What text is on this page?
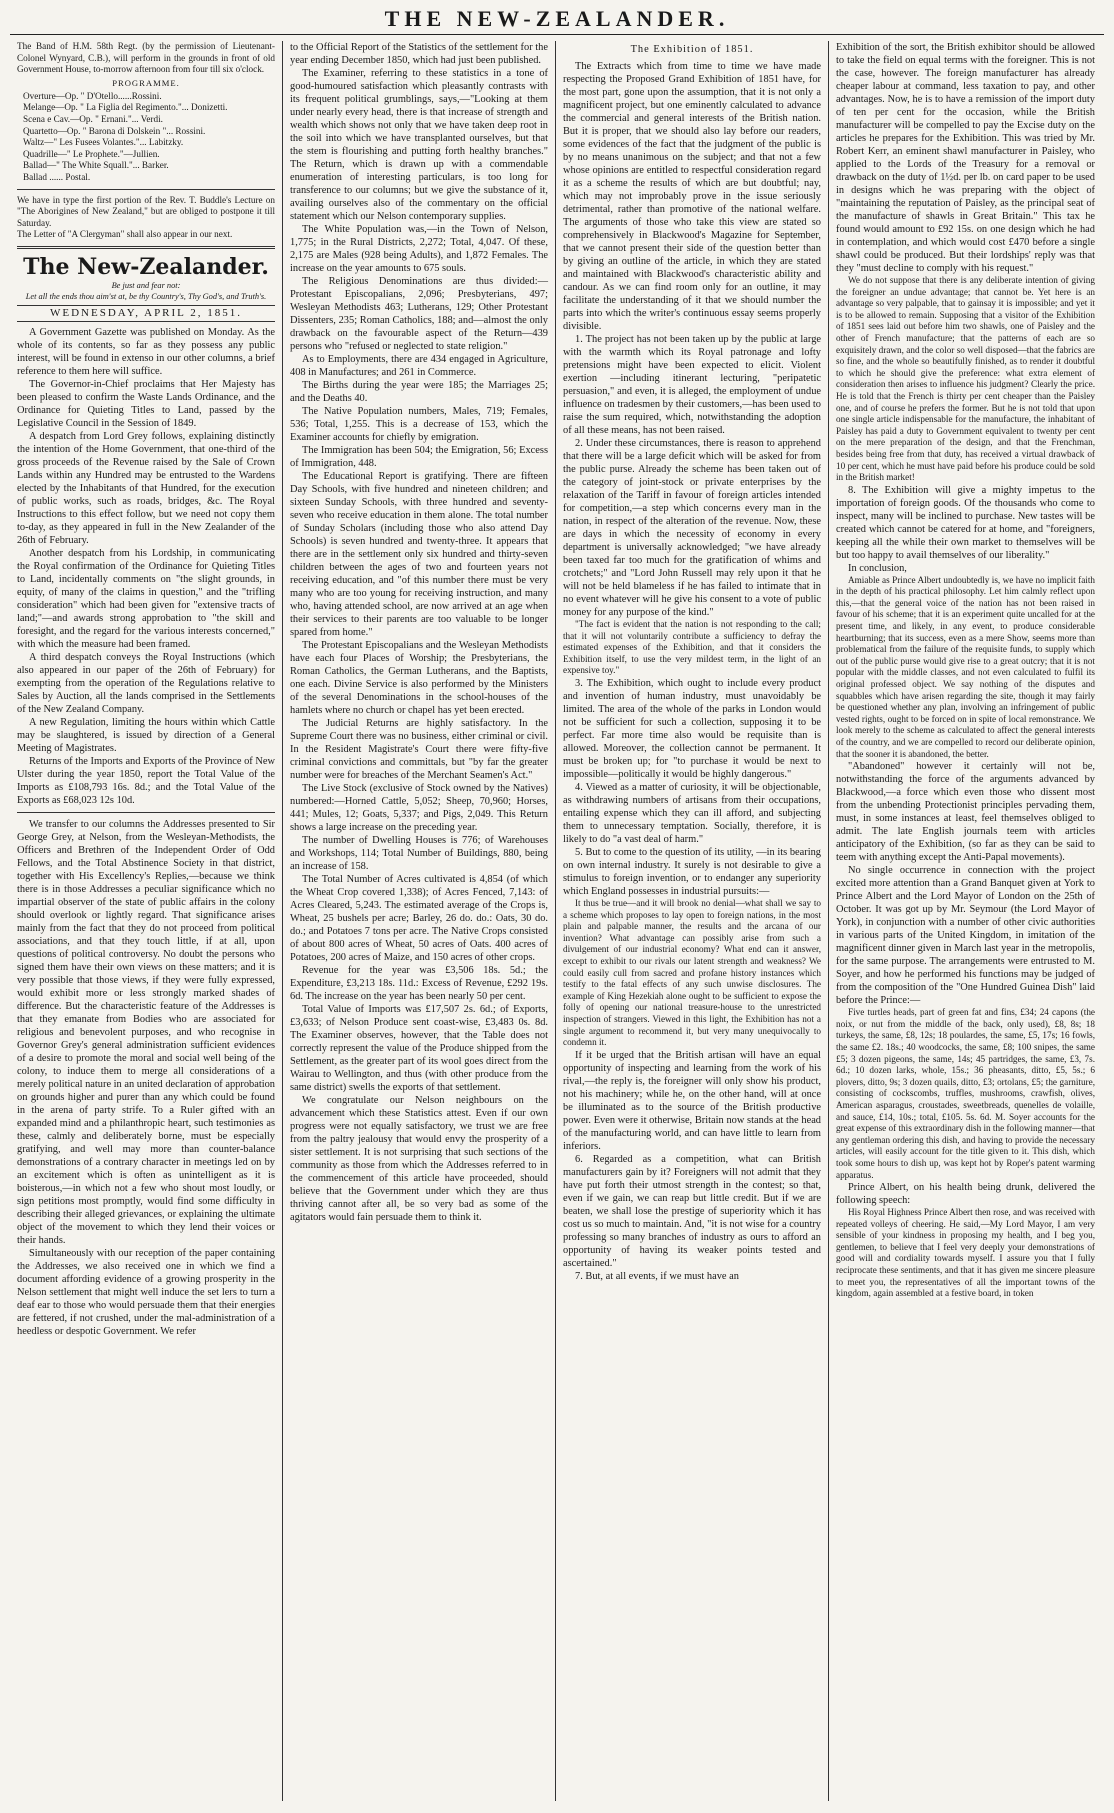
THE NEW-ZEALANDER.

The Band of H.M. 58th Regt. (by the permission of Lieutenant-Colonel Wynyard, C.B.), will perform in the grounds in front of old Government House, to-morrow afternoon from four till six o'clock.

PROGRAMME.
Overture—Op. " D'Otello......Rossini.
Melange—Op. " La Figlia del Regimento."... Donizetti.
Scena e Cav.—Op. " Ernani."... Verdi.
Quartetto—Op. " Barona di Dolskein "... Rossini.
Waltz—" Les Fusees Volantes."... Labitzky.
Quadrille—" Le Prophete."—Jullien.
Ballad—" The White Squall."... Barker.
Ballad ...... Postal.

We have in type the first portion of the Rev. T. Buddle's Lecture on "The Aborigines of New Zealand," but are obliged to postpone it till Saturday.

The Letter of "A Clergyman" shall also appear in our next.

The New-Zealander.
Be just and fear not:
Let all the ends thou aim'st at, be thy Country's, Thy God's, and Truth's.
WEDNESDAY, APRIL 2, 1851.

A Government Gazette was published on Monday. As the whole of its contents, so far as they possess any public interest, will be found in extenso in our other columns, a brief reference to them here will suffice.

The Governor-in-Chief proclaims that Her Majesty has been pleased to confirm the Waste Lands Ordinance, and the Ordinance for Quieting Titles to Land, passed by the Legislative Council in the Session of 1849.

A despatch from Lord Grey follows, explaining distinctly the intention of the Home Government, that one-third of the gross proceeds of the Revenue raised by the Sale of Crown Lands within any Hundred may be entrusted to the Wardens elected by the Inhabitants of that Hundred, for the execution of public works, such as roads, bridges, &c. The Royal Instructions to this effect follow, but we need not copy them to-day, as they appeared in full in the New Zealander of the 26th of February.

Another despatch from his Lordship, in communicating the Royal confirmation of the Ordinance for Quieting Titles to Land, incidentally comments on "the slight grounds, in equity, of many of the claims in question," and the "trifling consideration" which had been given for "extensive tracts of land;"—and awards strong approbation to "the skill and foresight, and the regard for the various interests concerned," with which the measure had been framed.

A third despatch conveys the Royal Instructions (which also appeared in our paper of the 26th of February) for exempting from the operation of the Regulations relative to Sales by Auction, all the lands comprised in the Settlements of the New Zealand Company.

A new Regulation, limiting the hours within which Cattle may be slaughtered, is issued by direction of a General Meeting of Magistrates.

Returns of the Imports and Exports of the Province of New Ulster during the year 1850, report the Total Value of the Imports as £108,793 16s. 8d.; and the Total Value of the Exports as £68,023 12s 10d.

We transfer to our columns the Addresses presented to Sir George Grey, at Nelson, from the Wesleyan-Methodists, the Officers and Brethren of the Independent Order of Odd Fellows, and the Total Abstinence Society in that district, together with His Excellency's Replies,—because we think there is in those Addresses a peculiar significance which no impartial observer of the state of public affairs in the colony should overlook or lightly regard. That significance arises mainly from the fact that they do not proceed from political associations, and that they touch little, if at all, upon questions of political controversy. No doubt the persons who signed them have their own views on these matters; and it is very possible that those views, if they were fully expressed, would exhibit more or less strongly marked shades of difference. But the characteristic feature of the Addresses is that they emanate from Bodies who are associated for religious and benevolent purposes, and who recognise in Governor Grey's general administration sufficient evidences of a desire to promote the moral and social well being of the colony, to induce them to merge all considerations of a merely political nature in an united declaration of approbation on grounds higher and purer than any which could be found in the arena of party strife. To a Ruler gifted with an expanded mind and a philanthropic heart, such testimonies as these, calmly and deliberately borne, must be especially gratifying, and well may more than counter-balance demonstrations of a contrary character in meetings led on by an excitement which is often as unintelligent as it is boisterous,—in which not a few who shout most loudly, or sign petitions most promptly, would find some difficulty in describing their alleged grievances, or explaining the ultimate object of the movement to which they lend their voices or their hands.

Simultaneously with our reception of the paper containing the Addresses, we also received one in which we find a document affording evidence of a growing prosperity in the Nelson settlement that might well induce the set lers to turn a deaf ear to those who would persuade them that their energies are fettered, if not crushed, under the mal-administration of a heedless or despotic Government. We refer

to the Official Report of the Statistics of the settlement for the year ending December 1850, which had just been published.

The Examiner, referring to these statistics in a tone of good-humoured satisfaction which pleasantly contrasts with its frequent political grumblings, says,—"Looking at them under nearly every head, there is that increase of strength and wealth which shows not only that we have taken deep root in the soil into which we have transplanted ourselves, but that the stem is flourishing and putting forth healthy branches." The Return, which is drawn up with a commendable enumeration of interesting particulars, is too long for transference to our columns; but we give the substance of it, availing ourselves also of the commentary on the official statement which our Nelson contemporary supplies.

The White Population was,—in the Town of Nelson, 1,775; in the Rural Districts, 2,272; Total, 4,047. Of these, 2,175 are Males (928 being Adults), and 1,872 Females. The increase on the year amounts to 675 souls.

The Religious Denominations are thus divided:— Protestant Episcopalians, 2,096; Presbyterians, 497; Wesleyan Methodists 463; Lutherans, 129; Other Protestant Dissenters, 235; Roman Catholics, 188; and—almost the only drawback on the favourable aspect of the Return—439 persons who "refused or neglected to state religion."

As to Employments, there are 434 engaged in Agriculture, 408 in Manufactures; and 261 in Commerce.

The Births during the year were 185; the Marriages 25; and the Deaths 40.

The Native Population numbers, Males, 719; Females, 536; Total, 1,255. This is a decrease of 153, which the Examiner accounts for chiefly by emigration.

The Immigration has been 504; the Emigration, 56; Excess of Immigration, 448.

The Educational Report is gratifying. There are fifteen Day Schools, with five hundred and nineteen children; and sixteen Sunday Schools, with three hundred and seventy-seven who receive education in them alone. The total number of Sunday Scholars (including those who also attend Day Schools) is seven hundred and twenty-three. It appears that there are in the settlement only six hundred and thirty-seven children between the ages of two and fourteen years not receiving education, and "of this number there must be very many who are too young for receiving instruction, and many who, having attended school, are now arrived at an age when their services to their parents are too valuable to be longer spared from home."

The Protestant Episcopalians and the Wesleyan Methodists have each four Places of Worship; the Presbyterians, the Roman Catholics, the German Lutherans, and the Baptists, one each. Divine Service is also performed by the Ministers of the several Denominations in the school-houses of the hamlets where no church or chapel has yet been erected.

The Judicial Returns are highly satisfactory. In the Supreme Court there was no business, either criminal or civil. In the Resident Magistrate's Court there were fifty-five criminal convictions and committals, but "by far the greater number were for breaches of the Merchant Seamen's Act."

The Live Stock (exclusive of Stock owned by the Natives) numbered:—Horned Cattle, 5,052; Sheep, 70,960; Horses, 441; Mules, 12; Goats, 5,337; and Pigs, 2,049. This Return shows a large increase on the preceding year.

The number of Dwelling Houses is 776; of Warehouses and Workshops, 114; Total Number of Buildings, 880, being an increase of 158.

The Total Number of Acres cultivated is 4,854 (of which the Wheat Crop covered 1,338); of Acres Fenced, 7,143: of Acres Cleared, 5,243. The estimated average of the Crops is, Wheat, 25 bushels per acre; Barley, 26 do. do.: Oats, 30 do. do.; and Potatoes 7 tons per acre. The Native Crops consisted of about 800 acres of Wheat, 50 acres of Oats. 400 acres of Potatoes, 200 acres of Maize, and 150 acres of other crops.

Revenue for the year was £3,506 18s. 5d.; the Expenditure, £3,213 18s. 11d.: Excess of Revenue, £292 19s. 6d. The increase on the year has been nearly 50 per cent.

Total Value of Imports was £17,507 2s. 6d.; of Exports, £3,633; of Nelson Produce sent coast-wise, £3,483 0s. 8d. The Examiner observes, however, that the Table does not correctly represent the value of the Produce shipped from the Settlement, as the greater part of its wool goes direct from the Wairau to Wellington, and thus (with other produce from the same district) swells the exports of that settlement.

We congratulate our Nelson neighbours on the advancement which these Statistics attest. Even if our own progress were not equally satisfactory, we trust we are free from the paltry jealousy that would envy the prosperity of a sister settlement. It is not surprising that such sections of the community as those from which the Addresses referred to in the commencement of this article have proceeded, should believe that the Government under which they are thus thriving cannot after all, be so very bad as some of the agitators would fain persuade them to think it.

The Exhibition of 1851.

The Extracts which from time to time we have made respecting the Proposed Grand Exhibition of 1851 have, for the most part, gone upon the assumption, that it is not only a magnificent project, but one eminently calculated to advance the commercial and general interests of the British nation. But it is proper, that we should also lay before our readers, some evidences of the fact that the judgment of the public is by no means unanimous on the subject; and that not a few whose opinions are entitled to respectful consideration regard it as a scheme the results of which are but doubtful; nay, which may not improbably prove in the issue seriously detrimental, rather than promotive of the national welfare. The arguments of those who take this view are stated so comprehensively in Blackwood's Magazine for September, that we cannot present their side of the question better than by giving an outline of the article, in which they are stated and maintained with Blackwood's characteristic ability and candour. As we can find room only for an outline, it may facilitate the understanding of it that we should number the parts into which the writer's continuous essay seems properly divisible.

1. The project has not been taken up by the public at large with the warmth which its Royal patronage and lofty pretensions might have been expected to elicit. Violent exertion —including itinerant lecturing, "peripatetic persuasion," and even, it is alleged, the employment of undue influence on tradesmen by their customers,—has been used to raise the sum required, which, notwithstanding the adoption of all these means, has not been raised.

2. Under these circumstances, there is reason to apprehend that there will be a large deficit which will be asked for from the public purse. Already the scheme has been taken out of the category of joint-stock or private enterprises by the relaxation of the Tariff in favour of foreign articles intended for competition,—a step which concerns every man in the nation, in respect of the alteration of the revenue. Now, these are days in which the necessity of economy in every department is universally acknowledged; "we have already been taxed far too much for the gratification of whims and crotchets;" and "Lord John Russell may rely upon it that he will not be held blameless if he has failed to intimate that in no event whatever will he give his consent to a vote of public money for any purpose of the kind."

"The fact is evident that the nation is not responding to the call; that it will not voluntarily contribute a sufficiency to defray the estimated expenses of the Exhibition, and that it considers the Exhibition itself, to use the very mildest term, in the light of an expensive toy."

3. The Exhibition, which ought to include every product and invention of human industry, must unavoidably be limited. The area of the whole of the parks in London would not be sufficient for such a collection, supposing it to be perfect. Far more time also would be requisite than is allowed. Moreover, the collection cannot be permanent. It must be broken up; for "to purchase it would be next to impossible—politically it would be highly dangerous."

4. Viewed as a matter of curiosity, it will be objectionable, as withdrawing numbers of artisans from their occupations, entailing expense which they can ill afford, and subjecting them to unnecessary temptation. Socially, therefore, it is likely to do "a vast deal of harm."

5. But to come to the question of its utility, —in its bearing on own internal industry. It surely is not desirable to give a stimulus to foreign invention, or to endanger any superiority which England possesses in industrial pursuits:—

It thus be true—and it will brook no denial—what shall we say to a scheme which proposes to lay open to foreign nations, in the most plain and palpable manner, the results and the arcana of our invention? What advantage can possibly arise from such a divulgement of our industrial economy? What end can it answer, except to exhibit to our rivals our latent strength and weakness? We could easily cull from sacred and profane history instances which testify to the fatal effects of any such unwise disclosures. The example of King Hezekiah alone ought to be sufficient to expose the folly of opening our national treasure-house to the unrestricted inspection of strangers. Viewed in this light, the Exhibition has not a single argument to recommend it, but very many unequivocally to condemn it.

If it be urged that the British artisan will have an equal opportunity of inspecting and learning from the work of his rival,—the reply is, the foreigner will only show his product, not his machinery; while he, on the other hand, will at once be illuminated as to the source of the British productive power. Even were it otherwise, Britain now stands at the head of the manufacturing world, and can have little to learn from inferiors.

6. Regarded as a competition, what can British manufacturers gain by it? Foreigners will not admit that they have put forth their utmost strength in the contest; so that, even if we gain, we can reap but little credit. But if we are beaten, we shall lose the prestige of superiority which it has cost us so much to maintain. And, "it is not wise for a country professing so many branches of industry as ours to afford an opportunity of having its weaker points tested and ascertained."

7. But, at all events, if we must have an

Exhibition of the sort, the British exhibitor should be allowed to take the field on equal terms with the foreigner. This is not the case, however. The foreign manufacturer has already cheaper labour at command, less taxation to pay, and other advantages. Now, he is to have a remission of the import duty of ten per cent for the occasion, while the British manufacturer will be compelled to pay the Excise duty on the articles he prepares for the Exhibition. This was tried by Mr. Robert Kerr, an eminent shawl manufacturer in Paisley, who applied to the Lords of the Treasury for a removal or drawback on the duty of 1½d. per lb. on card paper to be used in designs which he was preparing with the object of "maintaining the reputation of Paisley, as the principal seat of the manufacture of shawls in Great Britain." This tax he found would amount to £92 15s. on one design which he had in contemplation, and which would cost £470 before a single shawl could be produced. But their lordships' reply was that they "must decline to comply with his request."

We do not suppose that there is any deliberate intention of giving the foreigner an undue advantage; that cannot be. Yet here is an advantage so very palpable, that to gainsay it is impossible; and yet it is to be allowed to remain. Supposing that a visitor of the Exhibition of 1851 sees laid out before him two shawls, one of Paisley and the other of French manufacture; that the patterns of each are so exquisitely drawn, and the color so well disposed—that the fabrics are so fine, and the whole so beautifully finished, as to render it doubtful to which he should give the preference: what extra element of consideration then arises to influence his judgment? Clearly the price. He is told that the French is thirty per cent cheaper than the Paisley one, and of course he prefers the former. But he is not told that upon one single article indispensable for the manufacture, the inhabitant of Paisley has paid a duty to Government equivalent to twenty per cent on the mere preparation of the design, and that the Frenchman, besides being free from that duty, has received a virtual drawback of 10 per cent, which he must have paid before his produce could be sold in the British market!

8. The Exhibition will give a mighty impetus to the importation of foreign goods. Of the thousands who come to inspect, many will be inclined to purchase. New tastes will be created which cannot be catered for at home, and "foreigners, keeping all the while their own market to themselves will be but too happy to avail themselves of our liberality."

In conclusion,

Amiable as Prince Albert undoubtedly is, we have no implicit faith in the depth of his practical philosophy. Let him calmly reflect upon this,—that the general voice of the nation has not been raised in favour of his scheme; that it is an experiment quite uncalled for at the present time, and likely, in any event, to produce considerable heartburning; that its success, even as a mere Show, seems more than problematical from the failure of the requisite funds, to supply which out of the public purse would give rise to a great outcry; that it is not popular with the middle classes, and not even calculated to fulfil its original professed object. We say nothing of the disputes and squabbles which have arisen regarding the site, though it may fairly be questioned whether any plan, involving an infringement of public vested rights, ought to be forced on in spite of local remonstrance. We look merely to the scheme as calculated to affect the general interests of the country, and we are compelled to record our deliberate opinion, that the sooner it is abandoned, the better.

"Abandoned" however it certainly will not be, notwithstanding the force of the arguments advanced by Blackwood,—a force which even those who dissent most from the unbending Protectionist principles pervading them, must, in some instances at least, feel themselves obliged to admit. The late English journals teem with articles anticipatory of the Exhibition, (so far as they can be said to teem with anything except the Anti-Papal movements).

No single occurrence in connection with the project excited more attention than a Grand Banquet given at York to Prince Albert and the Lord Mayor of London on the 25th of October. It was got up by Mr. Seymour (the Lord Mayor of York), in conjunction with a number of other civic authorities in various parts of the United Kingdom, in imitation of the magnificent dinner given in March last year in the metropolis, for the same purpose. The arrangements were entrusted to M. Soyer, and how he performed his functions may be judged of from the composition of the "One Hundred Guinea Dish" laid before the Prince:—

Five turtles heads, part of green fat and fins, £34; 24 capons (the noix, or nut from the middle of the back, only used), £8, 8s; 18 turkeys, the same, £8, 12s; 18 poulardes, the same, £5, 17s; 16 fowls, the same £2. 18s.; 40 woodcocks, the same, £8; 100 snipes, the same £5; 3 dozen pigeons, the same, 14s; 45 partridges, the same, £3, 7s. 6d.; 10 dozen larks, whole, 15s.; 36 pheasants, ditto, £5, 5s.; 6 plovers, ditto, 9s; 3 dozen quails, ditto, £3; ortolans, £5; the garniture, consisting of cockscombs, truffles, mushrooms, crawfish, olives, American asparagus, croustades, sweetbreads, quenelles de volaille, and sauce, £14, 10s.; total, £105. 5s. 6d. M. Soyer accounts for the great expense of this extraordinary dish in the following manner—that any gentleman ordering this dish, and having to provide the necessary articles, will easily account for the title given to it. This dish, which took some hours to dish up, was kept hot by Roper's patent warming apparatus.

Prince Albert, on his health being drunk, delivered the following speech:

His Royal Highness Prince Albert then rose, and was received with repeated volleys of cheering. He said,—My Lord Mayor, I am very sensible of your kindness in proposing my health, and I beg you, gentlemen, to believe that I feel very deeply your demonstrations of good will and cordiality towards myself. I assure you that I fully reciprocate these sentiments, and that it has given me sincere pleasure to meet you, the representatives of all the important towns of the kingdom, again assembled at a festive board, in token
